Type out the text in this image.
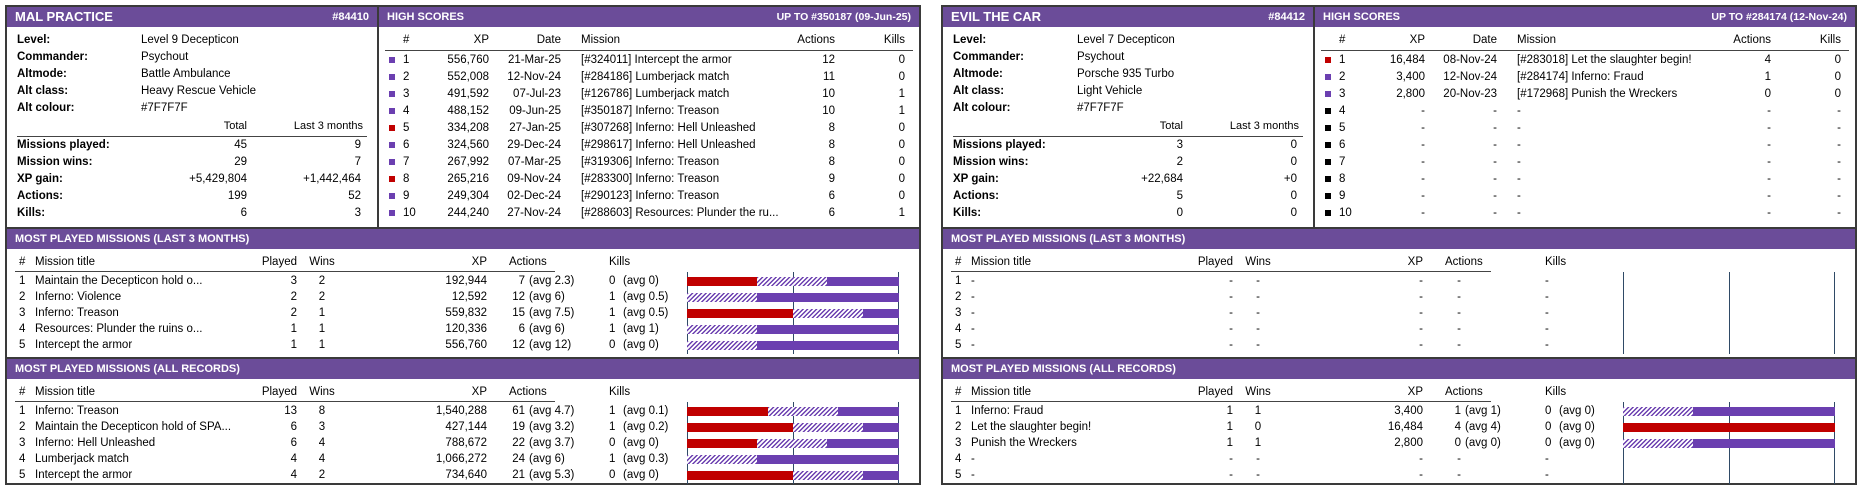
MAL PRACTICE	#84410
Level:	Level 9 Decepticon
Commander:	Psychout
Altmode:	Battle Ambulance
Alt class:	Heavy Rescue Vehicle
Alt colour:	#7F7F7F
Total	Last 3 months
Missions played:	45	9
Mission wins:	29	7
XP gain:	+5,429,804	+1,442,464
Actions:	199	52
Kills:	6	3
HIGH SCORES	UP TO #350187 (09-Jun-25)
#	XP	Date Mission	Actions	Kills
1	556,760	21-Mar-25 [#324011] Intercept the armor	12	0
2	552,008	12-Nov-24 [#284186] Lumberjack match	11	0
3	491,592	07-Jul-23 [#126786] Lumberjack match	10	1
4	488,152	09-Jun-25 [#350187] Inferno: Treason	10	1
5	334,208	27-Jan-25 [#307268] Inferno: Hell Unleashed	8	0
6	324,560	29-Dec-24 [#298617] Inferno: Hell Unleashed	8	0
7	267,992	07-Mar-25 [#319306] Inferno: Treason	8	0
8	265,216	09-Nov-24 [#283300] Inferno: Treason	9	0
9	249,304	02-Dec-24 [#290123] Inferno: Treason	6	0
10	244,240	27-Nov-24 [#288603] Resources: Plunder the ru...	6	1
MOST PLAYED MISSIONS (LAST 3 MONTHS)
# Mission title	Played	Wins	XP Actions	Kills
1 Maintain the Decepticon hold o...	3	2	192,944	7 (avg 2.3)	0 (avg 0)
2 Inferno: Violence	2	2	12,592	12 (avg 6)	1 (avg 0.5)
3 Inferno: Treason	2	1	559,832	15 (avg 7.5)	1 (avg 0.5)
4 Resources: Plunder the ruins o...	1	1	120,336	6 (avg 6)	1 (avg 1)
5 Intercept the armor	1	1	556,760	12 (avg 12)	0 (avg 0)
MOST PLAYED MISSIONS (ALL RECORDS)
# Mission title	Played	Wins	XP Actions	Kills
1 Inferno: Treason	13	8	1,540,288	61 (avg 4.7)	1 (avg 0.1)
2 Maintain the Decepticon hold of SPA...	6	3	427,144	19 (avg 3.2)	1 (avg 0.2)
3 Inferno: Hell Unleashed	6	4	788,672	22 (avg 3.7)	0 (avg 0)
4 Lumberjack match	4	4	1,066,272	24 (avg 6)	1 (avg 0.3)
5 Intercept the armor	4	2	734,640	21 (avg 5.3)	0 (avg 0)
EVIL THE CAR	#84412
Level:	Level 7 Decepticon
Commander:	Psychout
Altmode:	Porsche 935 Turbo
Alt class:	Light Vehicle
Alt colour:	#7F7F7F
Total	Last 3 months
Missions played:	3	0
Mission wins:	2	0
XP gain:	+22,684	+0
Actions:	5	0
Kills:	0	0
HIGH SCORES	UP TO #284174 (12-Nov-24)
#	XP	Date Mission	Actions	Kills
1	16,484	08-Nov-24 [#283018] Let the slaughter begin!	4	0
2	3,400	12-Nov-24 [#284174] Inferno: Fraud	1	0
3	2,800	20-Nov-23 [#172968] Punish the Wreckers	0	0
4	-	- -	-	-
5	-	- -	-	-
6	-	- -	-	-
7	-	- -	-	-
8	-	- -	-	-
9	-	- -	-	-
10	-	- -	-	-
MOST PLAYED MISSIONS (LAST 3 MONTHS)
# Mission title	Played	Wins	XP Actions	Kills
1 -	-	-	-	-	-
2 -	-	-	-	-	-
3 -	-	-	-	-	-
4 -	-	-	-	-	-
5 -	-	-	-	-	-
MOST PLAYED MISSIONS (ALL RECORDS)
# Mission title	Played	Wins	XP Actions	Kills
1 Inferno: Fraud	1	1	3,400	1 (avg 1)	0 (avg 0)
2 Let the slaughter begin!	1	0	16,484	4 (avg 4)	0 (avg 0)
3 Punish the Wreckers	1	1	2,800	0 (avg 0)	0 (avg 0)
4 -	-	-	-	-	-
5 -	-	-	-	-	-
